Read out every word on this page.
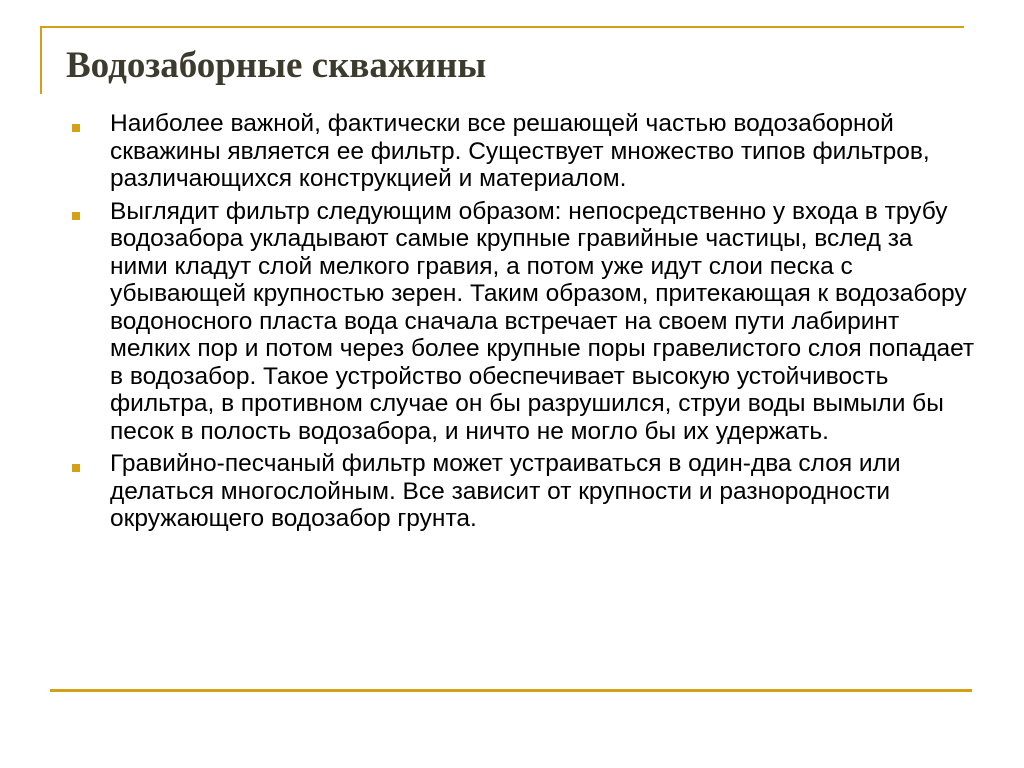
Водозаборные скважины
Наиболее важной, фактически все решающей частью водозаборной скважины является ее фильтр. Существует множество типов фильтров, различающихся конструкцией и материалом.
Выглядит фильтр следующим образом: непосредственно у входа в трубу водозабора укладывают самые крупные гравийные частицы, вслед за ними кладут слой мелкого гравия, а потом уже идут слои песка с убывающей крупностью зерен. Таким образом, притекающая к водозабору водоносного пласта вода сначала встречает на своем пути лабиринт мелких пор и потом через более крупные поры гравелистого слоя попадает в водозабор. Такое устройство обеспечивает высокую устойчивость фильтра, в противном случае он бы разрушился, струи воды вымыли бы песок в полость водозабора, и ничто не могло бы их удержать.
Гравийно-песчаный фильтр может устраиваться в один-два слоя или делаться многослойным. Все зависит от крупности и разнородности окружающего водозабор грунта.
